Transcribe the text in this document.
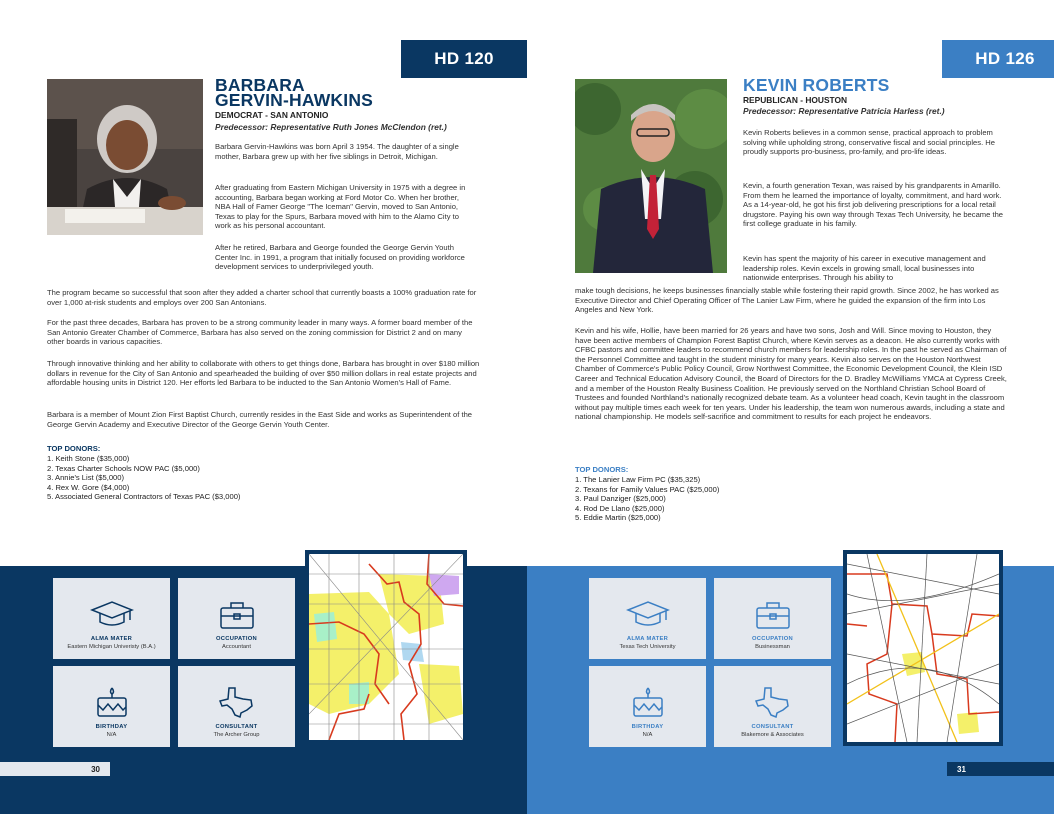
HD 120
BARBARA
GERVIN-HAWKINS
DEMOCRAT - SAN ANTONIO
Predecessor: Representative Ruth Jones McClendon (ret.)

Barbara Gervin-Hawkins was born April 3 1954. The daughter of a single mother, Barbara grew up with her five siblings in Detroit, Michigan.

After graduating from Eastern Michigan University in 1975 with a degree in accounting, Barbara began working at Ford Motor Co. When her brother, NBA Hall of Famer George "The Iceman" Gervin, moved to San Antonio, Texas to play for the Spurs, Barbara moved with him to the Alamo City to work as his personal accountant.

After he retired, Barbara and George founded the George Gervin Youth Center Inc. in 1991, a program that initially focused on providing workforce development services to underprivileged youth.

The program became so successful that soon after they added a charter school that currently boasts a 100% graduation rate for over 1,000 at-risk students and employs over 200 San Antonians.

For the past three decades, Barbara has proven to be a strong community leader in many ways. A former board member of the San Antonio Greater Chamber of Commerce, Barbara has also served on the zoning commission for District 2 and on many other boards in various capacities.

Through innovative thinking and her ability to collaborate with others to get things done, Barbara has brought in over $180 million dollars in revenue for the City of San Antonio and spearheaded the building of over $50 million dollars in real estate projects and affordable housing units in District 120. Her efforts led Barbara to be inducted to the San Antonio Women's Hall of Fame.

Barbara is a member of Mount Zion First Baptist Church, currently resides in the East Side and works as Superintendent of the George Gervin Academy and Executive Director of the George Gervin Youth Center.

TOP DONORS:
1. Keith Stone ($35,000)
2. Texas Charter Schools NOW PAC ($5,000)
3. Annie's List ($5,000)
4. Rex W. Gore ($4,000)
5. Associated General Contractors of Texas PAC ($3,000)
ALMA MATER
Eastern Michigan Univeristy (B.A.)
OCCUPATION
Accountant
BIRTHDAY
N/A
CONSULTANT
The Archer Group
30
HD 126
KEVIN ROBERTS
REPUBLICAN - HOUSTON
Predecessor: Representative Patricia Harless (ret.)

Kevin Roberts believes in a common sense, practical approach to problem solving while upholding strong, conservative fiscal and social principles. He proudly supports pro-business, pro-family, and pro-life ideas.

Kevin, a fourth generation Texan, was raised by his grandparents in Amarillo. From them he learned the importance of loyalty, commitment, and hard work. As a 14-year-old, he got his first job delivering prescriptions for a local retail drugstore. Paying his own way through Texas Tech University, he became the first college graduate in his family.

Kevin has spent the majority of his career in executive management and leadership roles. Kevin excels in growing small, local businesses into nationwide enterprises. Through his ability to

make tough decisions, he keeps businesses financially stable while fostering their rapid growth. Since 2002, he has worked as Executive Director and Chief Operating Officer of The Lanier Law Firm, where he guided the expansion of the firm into Los Angeles and New York.

Kevin and his wife, Hollie, have been married for 26 years and have two sons, Josh and Will. Since moving to Houston, they have been active members of Champion Forest Baptist Church, where Kevin serves as a deacon. He also currently works with CFBC pastors and committee leaders to recommend church members for leadership roles. In the past he served as Chairman of the Personnel Committee and taught in the student ministry for many years. Kevin also serves on the Houston Northwest Chamber of Commerce's Public Policy Council, Grow Northwest Committee, the Economic Development Council, the Klein ISD Career and Technical Education Advisory Council, the Board of Directors for the D. Bradley McWilliams YMCA at Cypress Creek, and a member of the Houston Realty Business Coalition. He previously served on the Northland Christian School Board of Trustees and founded Northland's nationally recognized debate team. As a volunteer head coach, Kevin taught in the classroom without pay multiple times each week for ten years. Under his leadership, the team won numerous awards, including a state and national championship. He models self-sacrifice and commitment to results for each project he endeavors.

TOP DONORS:
1. The Lanier Law Firm PC ($35,325)
2. Texans for Family Values PAC ($25,000)
3. Paul Danziger ($25,000)
4. Rod De Llano ($25,000)
5. Eddie Martin ($25,000)
ALMA MATER
Texas Tech University
OCCUPATION
Businessman
BIRTHDAY
N/A
CONSULTANT
Blakemore & Associates
31
